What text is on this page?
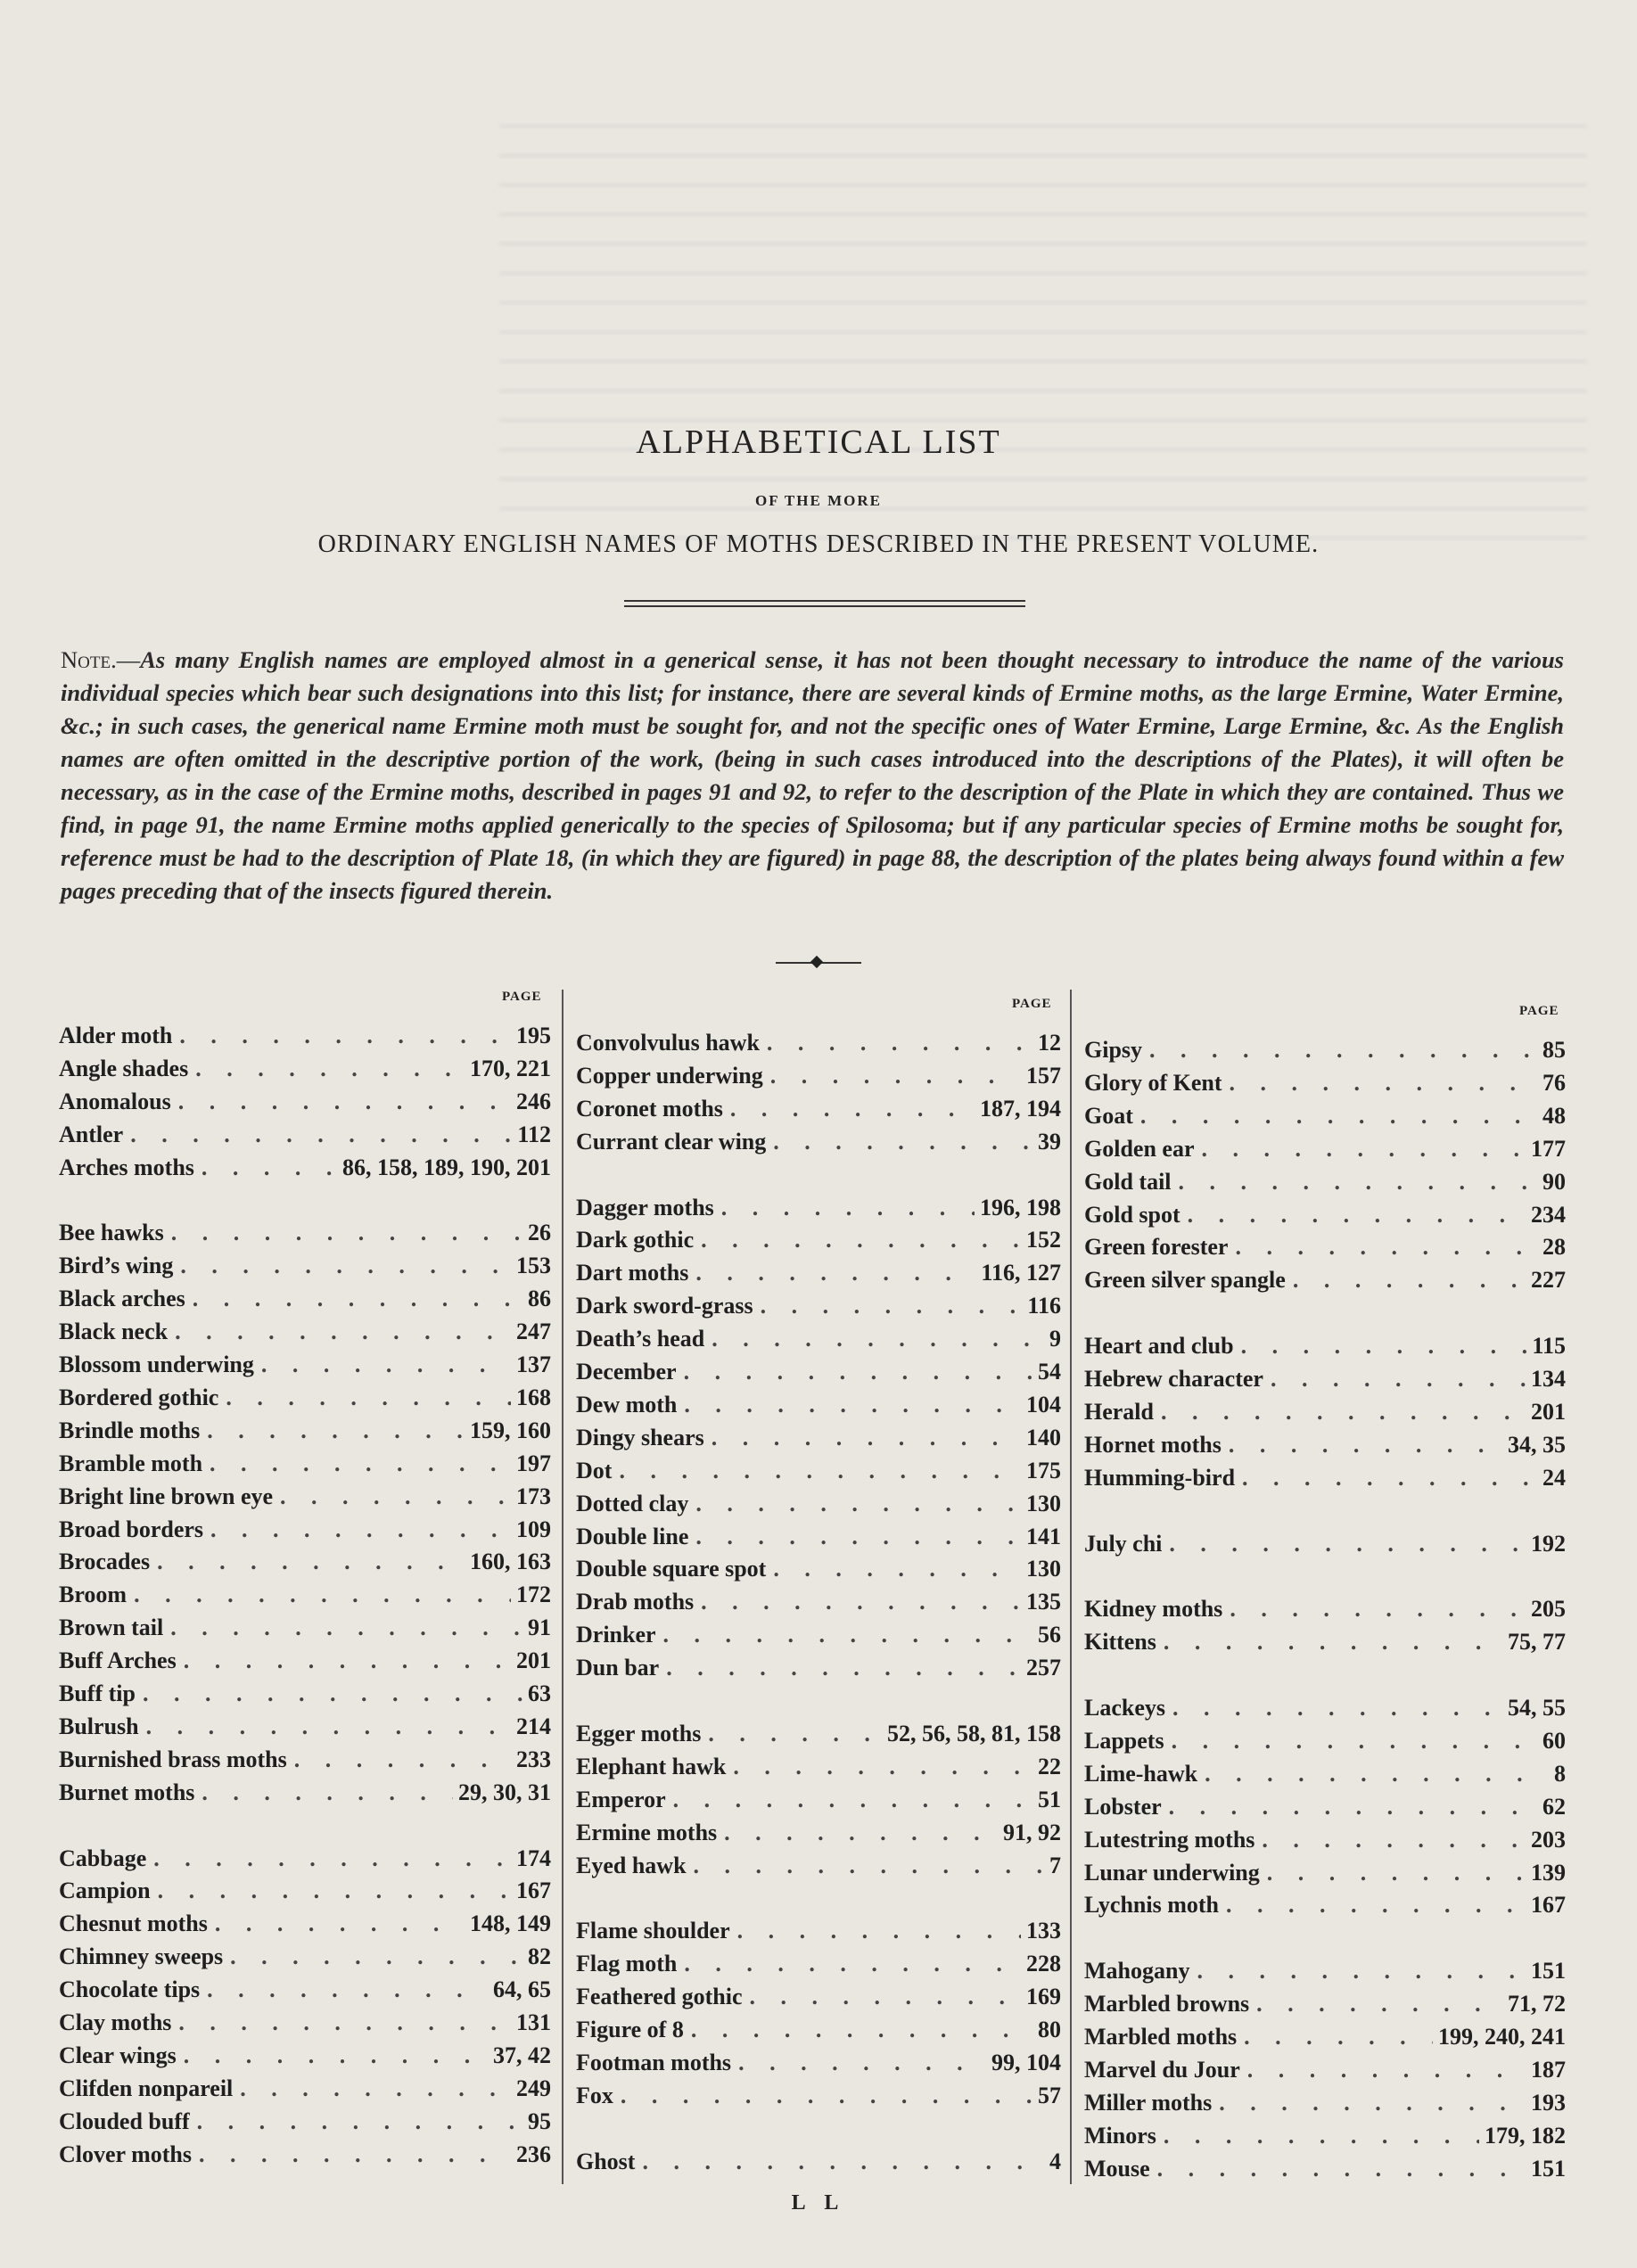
ALPHABETICAL LIST
OF THE MORE
ORDINARY ENGLISH NAMES OF MOTHS DESCRIBED IN THE PRESENT VOLUME.
Note.—As many English names are employed almost in a generical sense, it has not been thought necessary to introduce the name of the various individual species which bear such designations into this list; for instance, there are several kinds of Ermine moths, as the large Ermine, Water Ermine, &c.; in such cases, the generical name Ermine moth must be sought for, and not the specific ones of Water Ermine, Large Ermine, &c. As the English names are often omitted in the descriptive portion of the work, (being in such cases introduced into the descriptions of the Plates), it will often be necessary, as in the case of the Ermine moths, described in pages 91 and 92, to refer to the description of the Plate in which they are contained. Thus we find, in page 91, the name Ermine moths applied generically to the species of Spilosoma; but if any particular species of Ermine moths be sought for, reference must be had to the description of Plate 18, (in which they are figured) in page 88, the description of the plates being always found within a few pages preceding that of the insects figured therein.
PAGE
Alder moth . . .	195
Angle shades . . .	170, 221
Anomalous . . .	246
Antler . . .	112
Arches moths . . .	86, 158, 189, 190, 201
Bee hawks . . .	26
Bird’s wing . . .	153
Black arches . . .	86
Black neck . . .	247
Blossom underwing . . .	137
Bordered gothic . . .	168
Brindle moths . . .	159, 160
Bramble moth . . .	197
Bright line brown eye . . .	173
Broad borders . . .	109
Brocades . . .	160, 163
Broom . . .	172
Brown tail . . .	91
Buff Arches . . .	201
Buff tip . . .	63
Bulrush . . .	214
Burnished brass moths . . .	233
Burnet moths . . .	29, 30, 31
Cabbage . . .	174
Campion . . .	167
Chesnut moths . . .	148, 149
Chimney sweeps . . .	82
Chocolate tips . . .	64, 65
Clay moths . . .	131
Clear wings . . .	37, 42
Clifden nonpareil . . .	249
Clouded buff . . .	95
Clover moths . . .	236
PAGE
Convolvulus hawk . . .	12
Copper underwing . . .	157
Coronet moths . . .	187, 194
Currant clear wing . . .	39
Dagger moths . . .	196, 198
Dark gothic . . .	152
Dart moths . . .	116, 127
Dark sword-grass . . .	116
Death’s head . . .	9
December . . .	54
Dew moth . . .	104
Dingy shears . . .	140
Dot . . .	175
Dotted clay . . .	130
Double line . . .	141
Double square spot . . .	130
Drab moths . . .	135
Drinker . . .	56
Dun bar . . .	257
Egger moths . . .	52, 56, 58, 81, 158
Elephant hawk . . .	22
Emperor . . .	51
Ermine moths . . .	91, 92
Eyed hawk . . .	7
Flame shoulder . . .	133
Flag moth . . .	228
Feathered gothic . . .	169
Figure of 8 . . .	80
Footman moths . . .	99, 104
Fox . . .	57
Ghost . . .	4
PAGE
Gipsy . . .	85
Glory of Kent . . .	76
Goat . . .	48
Golden ear . . .	177
Gold tail . . .	90
Gold spot . . .	234
Green forester . . .	28
Green silver spangle . . .	227
Heart and club . . .	115
Hebrew character . . .	134
Herald . . .	201
Hornet moths . . .	34, 35
Humming-bird . . .	24
July chi . . .	192
Kidney moths . . .	205
Kittens . . .	75, 77
Lackeys . . .	54, 55
Lappets . . .	60
Lime-hawk . . .	8
Lobster . . .	62
Lutestring moths . . .	203
Lunar underwing . . .	139
Lychnis moth . . .	167
Mahogany . . .	151
Marbled browns . . .	71, 72
Marbled moths . . .	199, 240, 241
Marvel du Jour . . .	187
Miller moths . . .	193
Minors . . .	179, 182
Mouse . . .	151
L L
